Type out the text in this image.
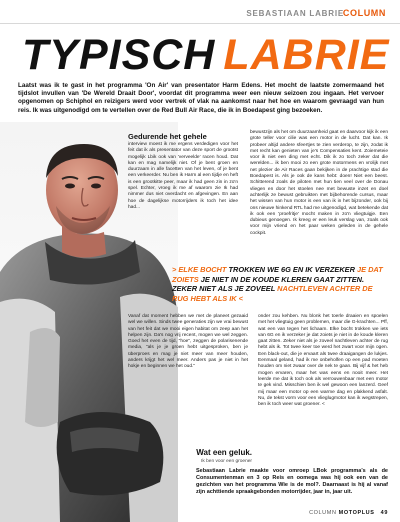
SEBASTIAAN LABRIE
COLUMN
TYPISCH LABRIE
Laatst was ik te gast in het programma 'On Air' van presentator Harm Edens. Het mocht de laatste zomermaand het tijdslot invullen van 'De Wereld Draait Door', voordat dit programma weer een nieuw seizoen zou ingaan. Het vervoer opgenomen op Schiphol en reizigers werd voor vertrek of vlak na aankomst naar het hoe en waarom gevraagd van hun reis. Ik was uitgenodigd om te vertellen over de Red Bull Air Race, die ik in Boedapest ging bezoeken.
Gedurende het gehele

interview moest ik me ergens verdedigen voor het feit dat ik als presentator van deze sport de grootst mogelijk Lbik ook van 'verveelde' racen houd. Dat kan en mag namelijk niet. Of je bent groen en duurzaam in alle facetten van het leven, of je bent een verkeerder. Nu ben ik Harm al een tijdje en heft is een grootkitte peer, maar ik had geen zin in zo'n spel. Echter, vroeg ik me af waarom zie Ik had nimmer dus niet overdacht en afgevingen. En aan hoe de dagelijkse motorrijders ik toch het idee had...

bewustzijn als het om duurzaamheid gaat en daarvoor kijk ik een grote teller voor cilie was een motor in de lucht. Dat kan. Ik probeer altijd andere sfeertjes te zien verderop, te zijn, zodat ik met recht kan genieten van je's Compensaties kent. Zoiemeteie voor ik niet een ding met echt. Dik ik zo toch zeker dat die werelden... ik ben mooi zo een grote motormens en vrolijk met net plezier de Air Races gaan bekijken in de prachtige stad die Boedapest is. Als je ook de kans hebt: doen! Niet een beest. Schitterend zoals de piloten met hun tien veel over de Donau vliegen en door het stoelen nee met bewuste inzet en doel achterlijk ze bewust gebruikten met bijbehorende cursus, maar het wissen van hun motor is een van ik in het bijzonder, ook bij ons nieuwe hinkend RTL had me uitgenodigd, wat betekende dat ik ook een 'proefritje' mocht maken in zo'n vliegtuigje. Een dubieus genoegen. Ik kreeg er een leuk verslag van, zoals ook voor mijn vriend en het paar weken geleden in de gehele cockpit.

> ELKE BOCHT TROKKEN WE 6G EN IK VERZEKER JE DAT ZOIETS JE NIET IN DE KOUDE KLEREN GAAT ZITTEN. ZEKER NIET ALS JE ZOVEEL NACHTLEVEN ACHTER DE RUG HEBT ALS IK <

Vanaf dat moment hebben we met de planeet gezaaid wel we willen. Sinds twee generaties zijn we vrai bewust van het feit dat we mooi eigen habitat om zeep aan het helpen zijn. Da's nog vrij recent, mogen we wel zeggen. Goed het even de tijd, "hoe", zeggen de polarisenende media, "als je je groen hebt uitgesproken, ben je überproes en mag je niet meer van meer houden, anders krijgt het wel meer. Anders pas je niet in het hokje en beginnen we het oud."

onder zou kehben. Nu blonk het toerle draaien en spoelen met het vliegtuig geen problemen, maar die G-krachten... Pff, wat een van tegen het lichaam. Elke bocht trokken we iets van 6G en ik verzeker je dat zoiets je niet in de koude kleren gaat zitten. Zeker niet als je zoveel nachtleven achter de rug hebt als ik. Tot twee keer toe werd het zwart voor mijn ogen. Een black-out, die je ervaart als twee draaigangen de lukjes. Eenmaal geland, had ik me onbeholfen op een pad moeten houden om niet zwaar over de nek te gaan. Bij vijf & het heb mogen ervaren, maar het was eens en nooit meer. Het leerde me dat ik toch ook als verrouwenbaar met een motor te gek vind. Misschien ben ik wel gewoon een lanzerd. Geef mij maar een motor op een warme dag en plakkend asfalt. Nu, de tekst vorm voor een vlieglugmotor kan ik wegstrepen, ben ik toch weer wat groener. <

Wat een geluk.
Ik ben voor een groener
Sebastiaan Labrie maakte voor omroep LBok programma's als de Consumentenman en 3 op Reis en oomega was hij ook een van de gezichten van het programma Wie is de mol?. Daarnaast is hij al vanaf zijn achttiende spraakgebonden motorrijder, jaar in, jaar uit.
COLUMN MOTOPLUS 49
